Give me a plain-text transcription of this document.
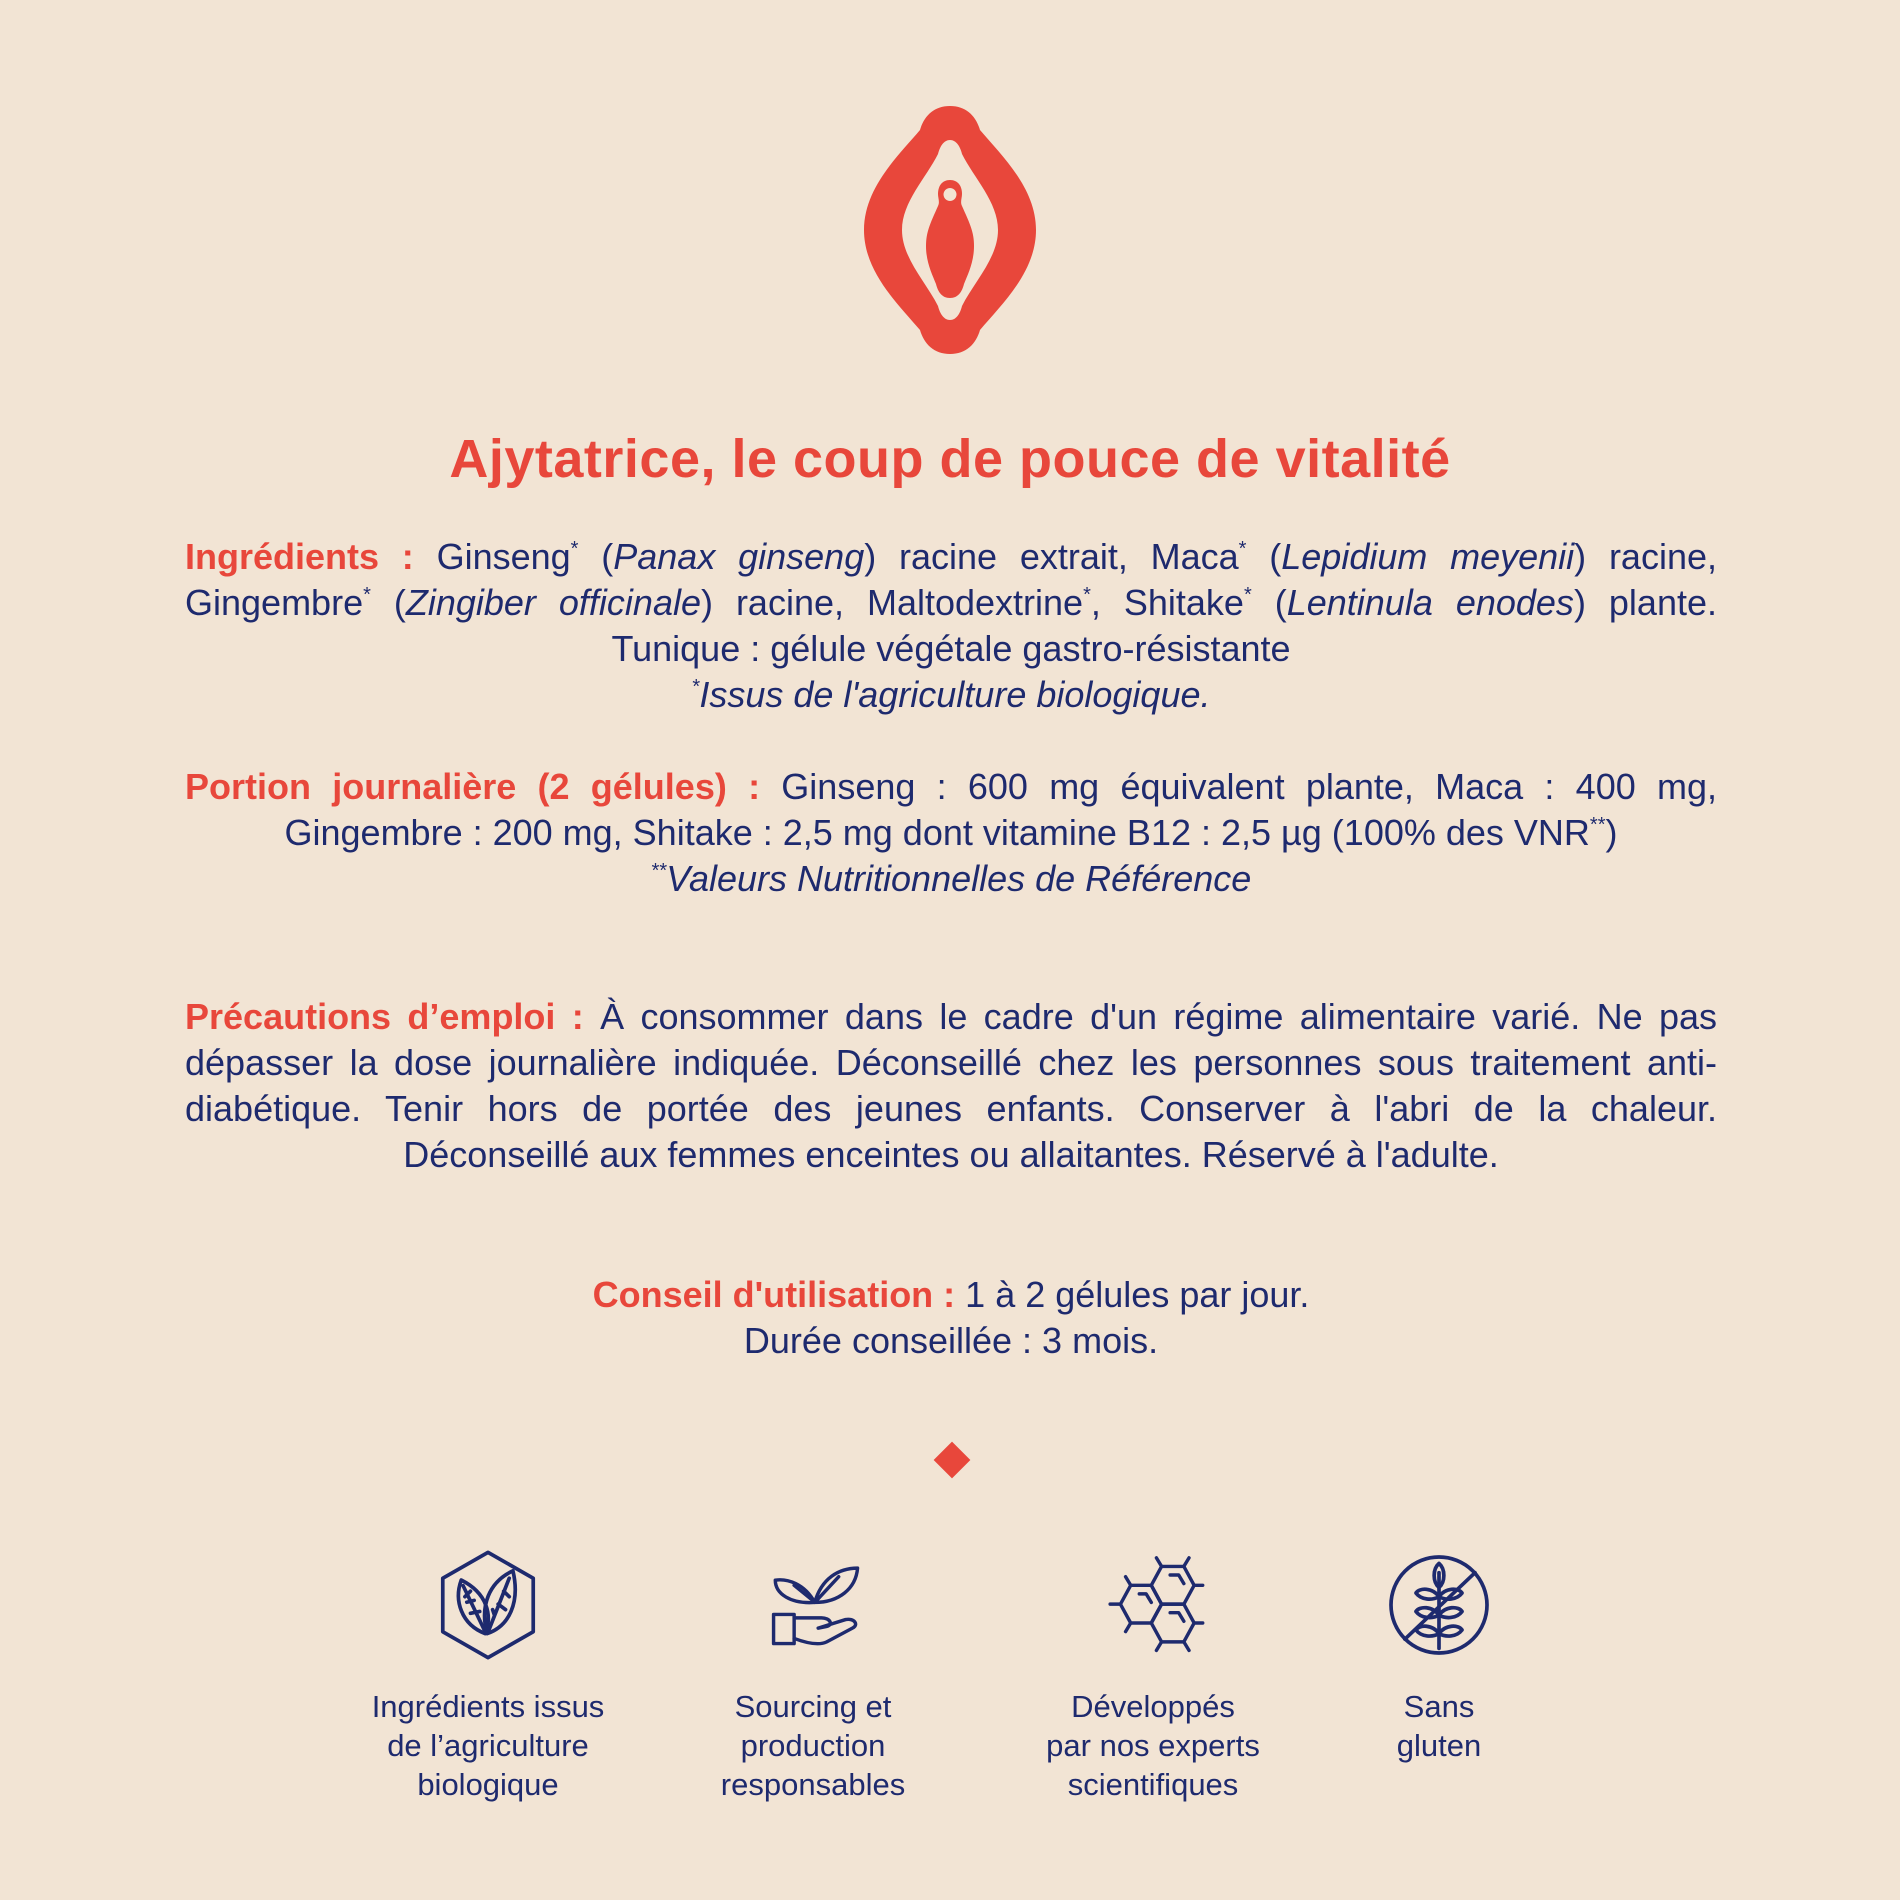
Ajytatrice, le coup de pouce de vitalité
Ingrédients : Ginseng* (Panax ginseng) racine extrait, Maca* (Lepidium meyenii) racine, Gingembre* (Zingiber officinale) racine, Maltodextrine*, Shitake* (Lentinula enodes) plante. Tunique : gélule végétale gastro-résistante
*Issus de l'agriculture biologique.
Portion journalière (2 gélules) : Ginseng : 600 mg équivalent plante, Maca : 400 mg, Gingembre : 200 mg, Shitake : 2,5 mg dont vitamine B12 : 2,5 µg (100% des VNR**)
**Valeurs Nutritionnelles de Référence
Précautions d’emploi : À consommer dans le cadre d'un régime alimentaire varié. Ne pas dépasser la dose journalière indiquée. Déconseillé chez les personnes sous traitement anti-diabétique. Tenir hors de portée des jeunes enfants. Conserver à l'abri de la chaleur. Déconseillé aux femmes enceintes ou allaitantes. Réservé à l'adulte.
Conseil d'utilisation : 1 à 2 gélules par jour.
Durée conseillée : 3 mois.
Ingrédients issus
de l’agriculture
biologique
Sourcing et
production
responsables
Développés
par nos experts
scientifiques
Sans
gluten
